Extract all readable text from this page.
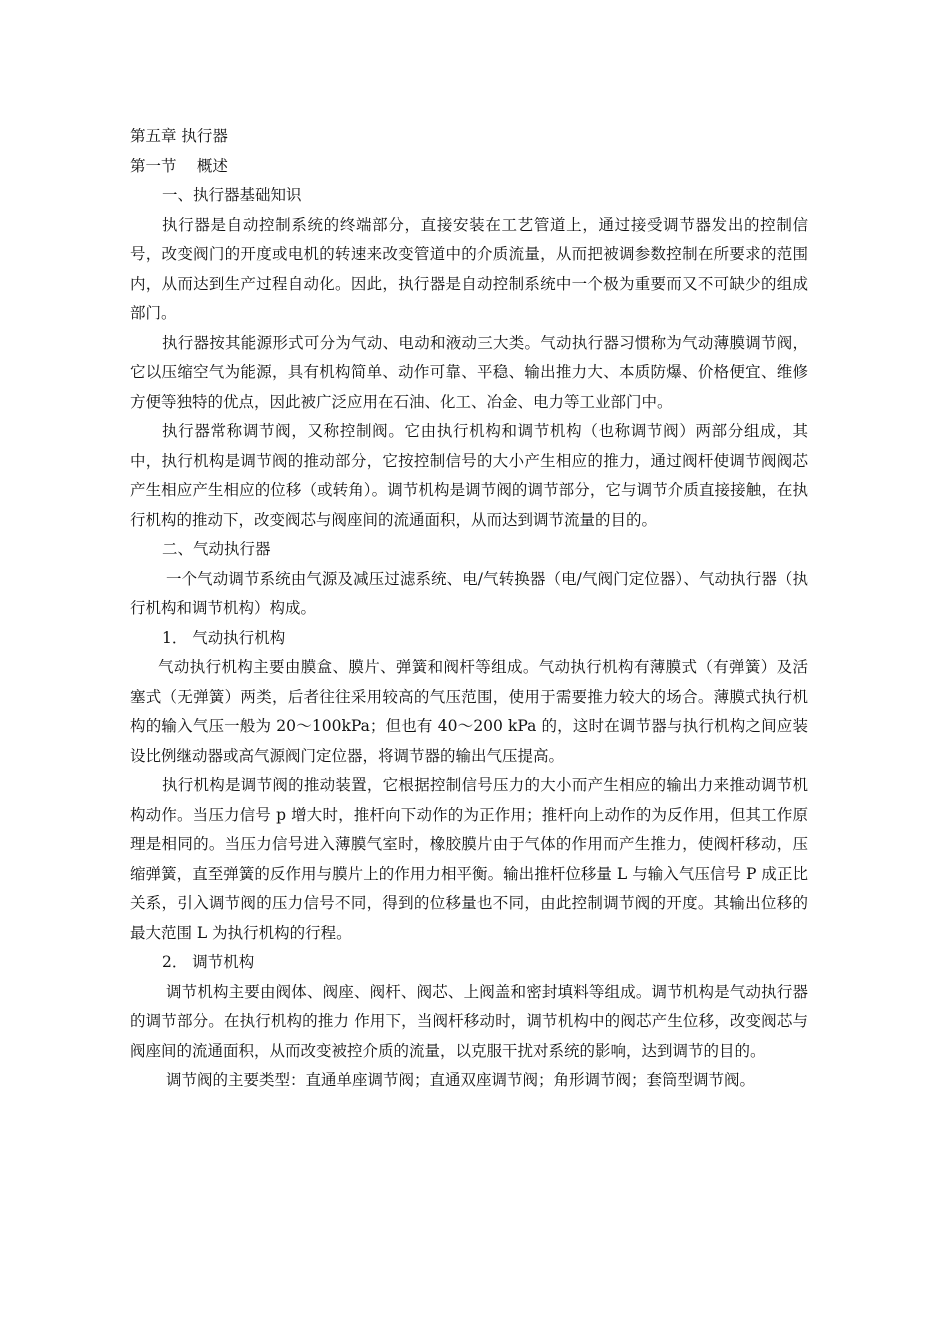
第五章 执行器

第一节　 概述

一、执行器基础知识

执行器是自动控制系统的终端部分，直接安装在工艺管道上，通过接受调节器发出的控制信号，改变阀门的开度或电机的转速来改变管道中的介质流量，从而把被调参数控制在所要求的范围内，从而达到生产过程自动化。因此，执行器是自动控制系统中一个极为重要而又不可缺少的组成部门。

执行器按其能源形式可分为气动、电动和液动三大类。气动执行器习惯称为气动薄膜调节阀，它以压缩空气为能源，具有机构简单、动作可靠、平稳、输出推力大、本质防爆、价格便宜、维修方便等独特的优点，因此被广泛应用在石油、化工、冶金、电力等工业部门中。

执行器常称调节阀，又称控制阀。它由执行机构和调节机构（也称调节阀）两部分组成，其中，执行机构是调节阀的推动部分，它按控制信号的大小产生相应的推力，通过阀杆使调节阀阀芯产生相应产生相应的位移（或转角）。调节机构是调节阀的调节部分，它与调节介质直接接触，在执行机构的推动下，改变阀芯与阀座间的流通面积，从而达到调节流量的目的。

二、气动执行器

一个气动调节系统由气源及减压过滤系统、电/气转换器（电/气阀门定位器）、气动执行器（执行机构和调节机构）构成。

1． 气动执行机构

气动执行机构主要由膜盒、膜片、弹簧和阀杆等组成。气动执行机构有薄膜式（有弹簧）及活塞式（无弹簧）两类，后者往往采用较高的气压范围，使用于需要推力较大的场合。薄膜式执行机构的输入气压一般为 20～100kPa；但也有 40～200 kPa 的，这时在调节器与执行机构之间应装设比例继动器或高气源阀门定位器，将调节器的输出气压提高。

执行机构是调节阀的推动装置，它根据控制信号压力的大小而产生相应的输出力来推动调节机构动作。当压力信号 p 增大时，推杆向下动作的为正作用；推杆向上动作的为反作用，但其工作原理是相同的。当压力信号进入薄膜气室时，橡胶膜片由于气体的作用而产生推力，使阀杆移动，压缩弹簧，直至弹簧的反作用与膜片上的作用力相平衡。输出推杆位移量 L 与输入气压信号 P 成正比关系，引入调节阀的压力信号不同，得到的位移量也不同，由此控制调节阀的开度。其输出位移的最大范围 L 为执行机构的行程。

2． 调节机构

调节机构主要由阀体、阀座、阀杆、阀芯、上阀盖和密封填料等组成。调节机构是气动执行器的调节部分。在执行机构的推力 作用下，当阀杆移动时，调节机构中的阀芯产生位移，改变阀芯与阀座间的流通面积，从而改变被控介质的流量，以克服干扰对系统的影响，达到调节的目的。

调节阀的主要类型：直通单座调节阀；直通双座调节阀；角形调节阀；套筒型调节阀。
